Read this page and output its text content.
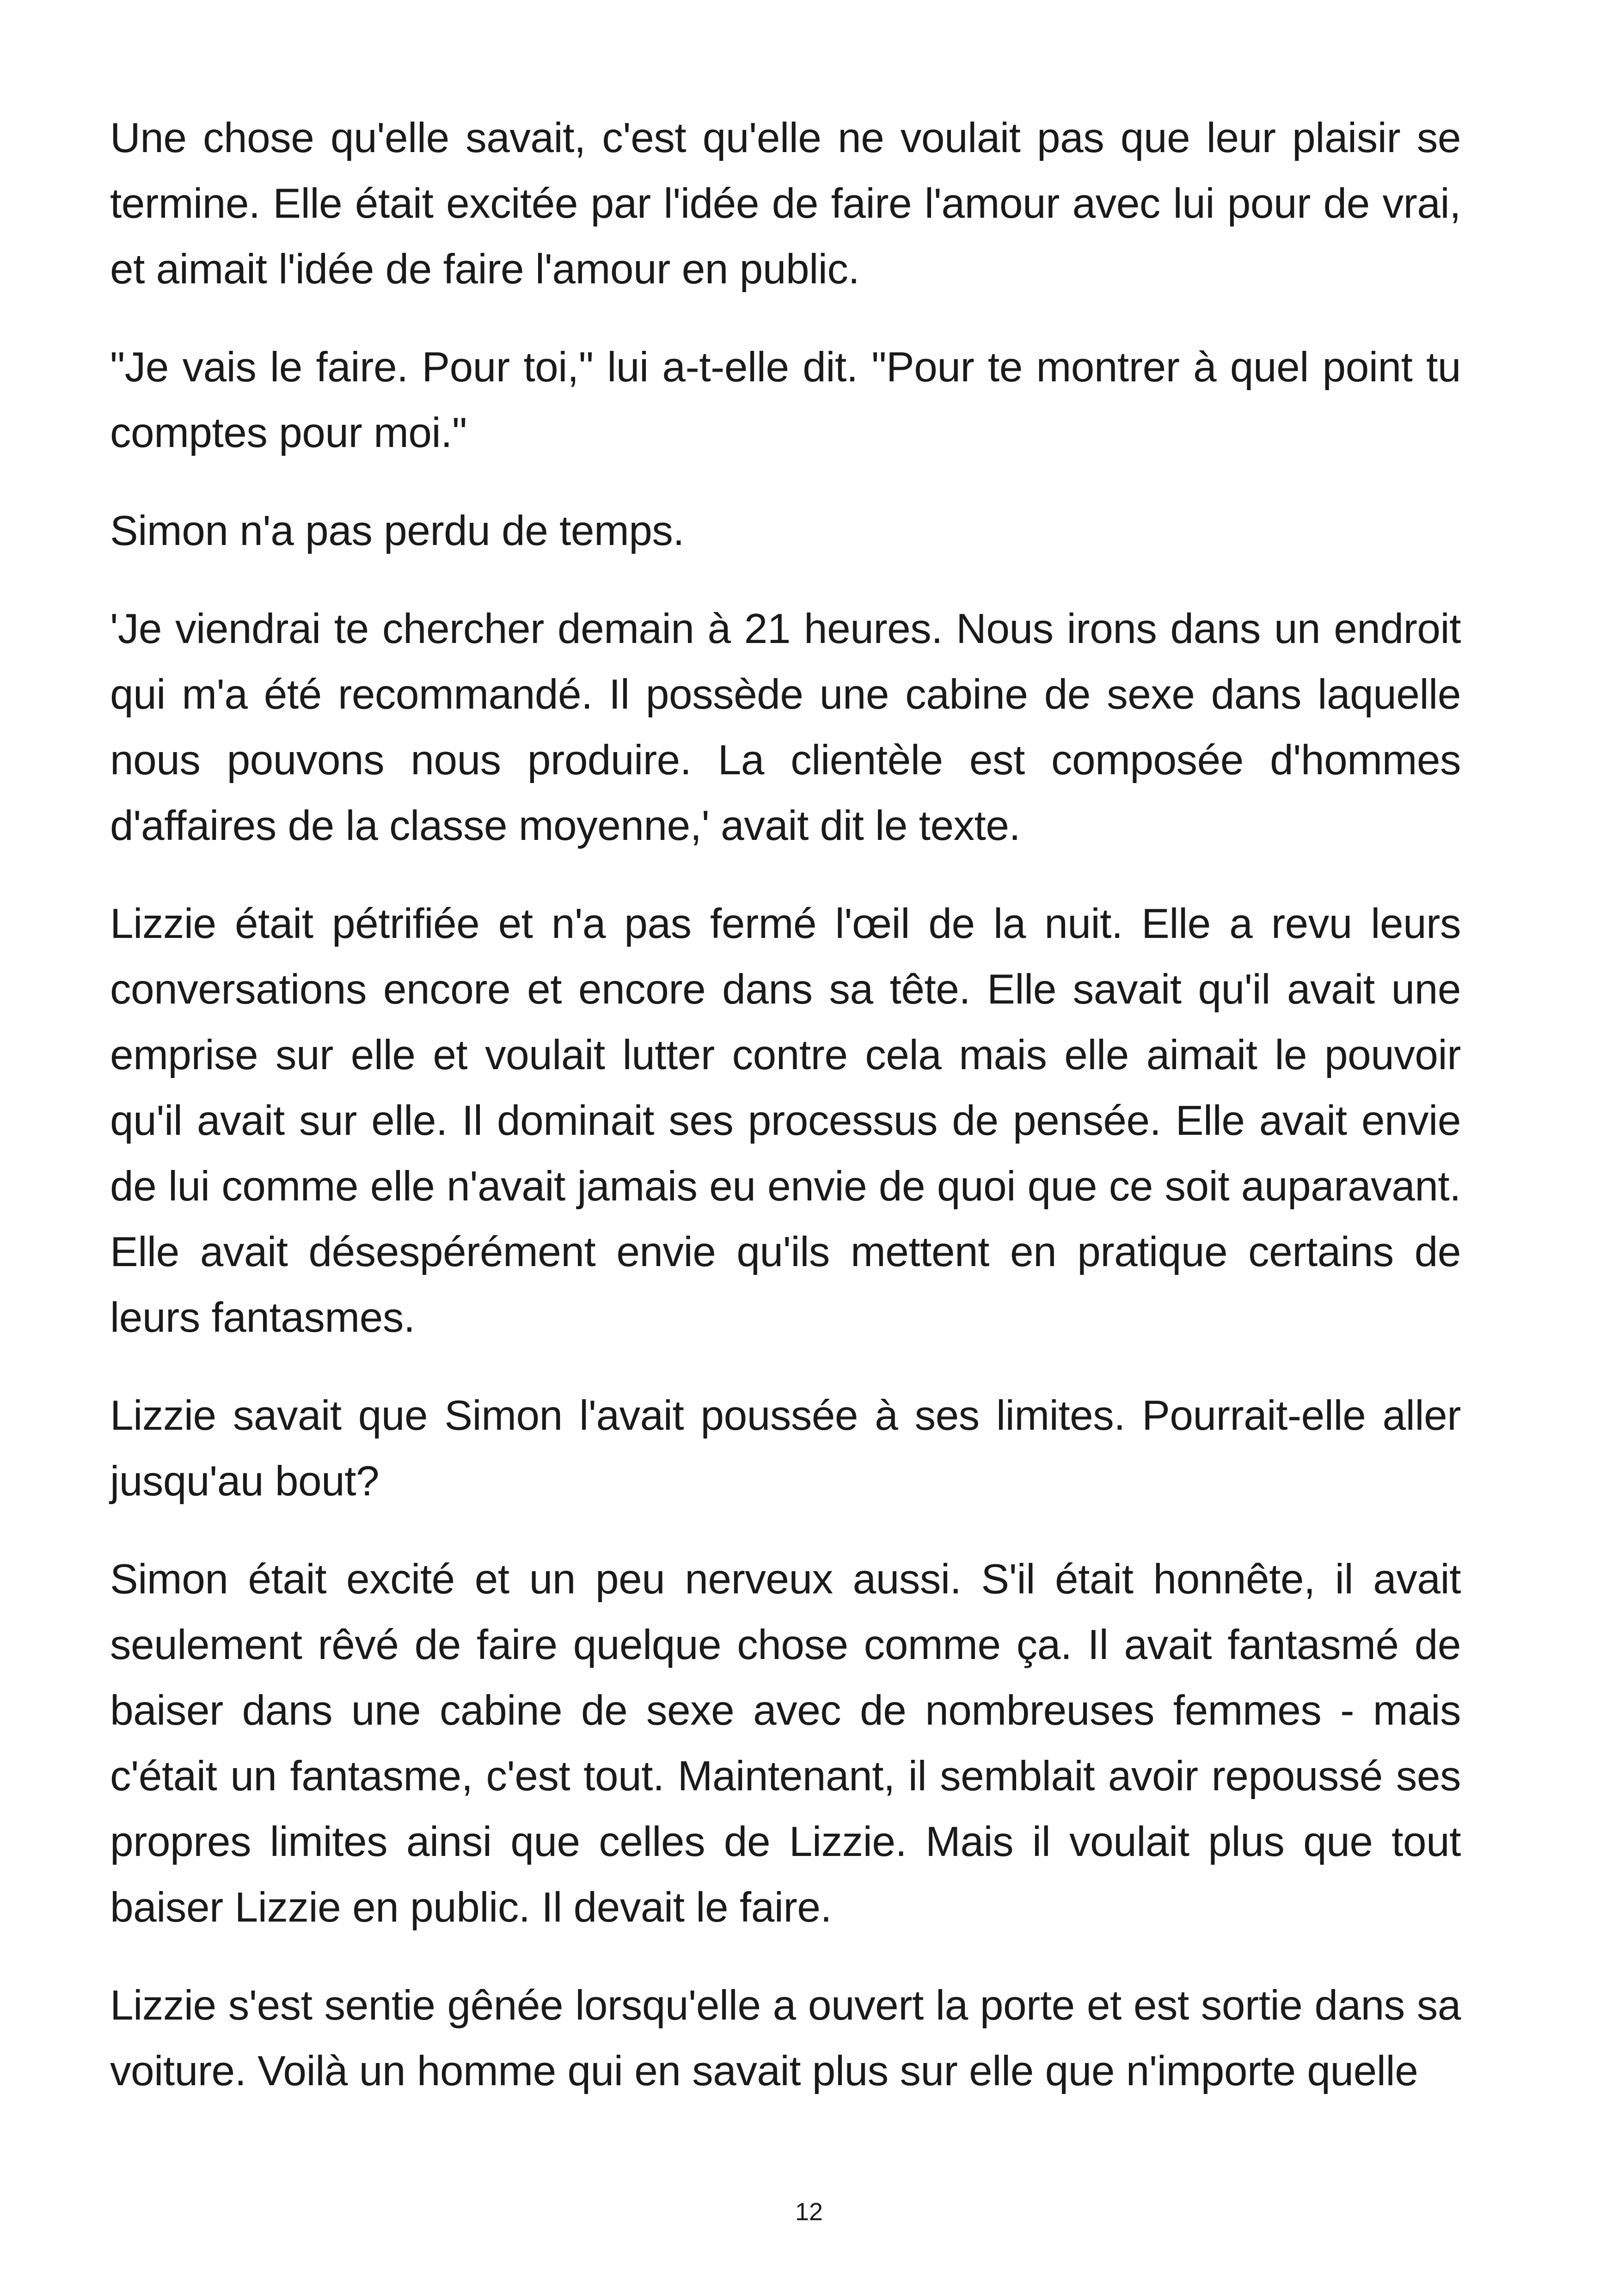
Une chose qu'elle savait, c'est qu'elle ne voulait pas que leur plaisir se termine. Elle était excitée par l'idée de faire l'amour avec lui pour de vrai, et aimait l'idée de faire l'amour en public.

"Je vais le faire. Pour toi," lui a-t-elle dit. "Pour te montrer à quel point tu comptes pour moi."

Simon n'a pas perdu de temps.

'Je viendrai te chercher demain à 21 heures. Nous irons dans un endroit qui m'a été recommandé. Il possède une cabine de sexe dans laquelle nous pouvons nous produire. La clientèle est composée d'hommes d'affaires de la classe moyenne,' avait dit le texte.

Lizzie était pétrifiée et n'a pas fermé l'œil de la nuit. Elle a revu leurs conversations encore et encore dans sa tête. Elle savait qu'il avait une emprise sur elle et voulait lutter contre cela mais elle aimait le pouvoir qu'il avait sur elle. Il dominait ses processus de pensée. Elle avait envie de lui comme elle n'avait jamais eu envie de quoi que ce soit auparavant. Elle avait désespérément envie qu'ils mettent en pratique certains de leurs fantasmes.

Lizzie savait que Simon l'avait poussée à ses limites. Pourrait-elle aller jusqu'au bout?

Simon était excité et un peu nerveux aussi. S'il était honnête, il avait seulement rêvé de faire quelque chose comme ça. Il avait fantasmé de baiser dans une cabine de sexe avec de nombreuses femmes - mais c'était un fantasme, c'est tout. Maintenant, il semblait avoir repoussé ses propres limites ainsi que celles de Lizzie. Mais il voulait plus que tout baiser Lizzie en public. Il devait le faire.

Lizzie s'est sentie gênée lorsqu'elle a ouvert la porte et est sortie dans sa voiture. Voilà un homme qui en savait plus sur elle que n'importe quelle

12
